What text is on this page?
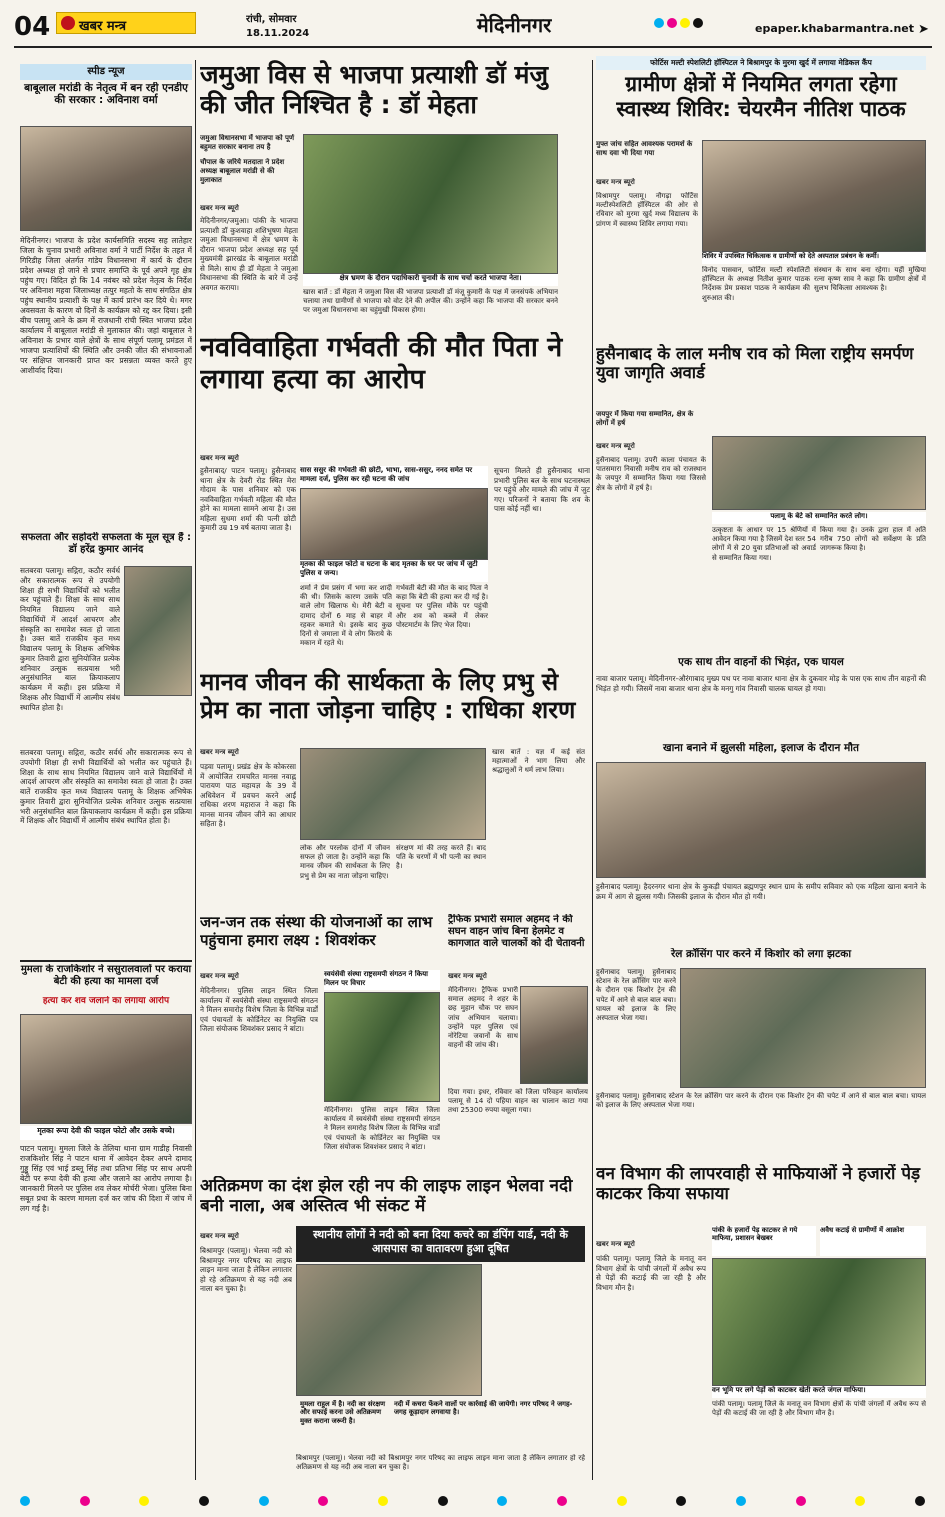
04	खबर मन्त्र	रांची, सोमवार
18.11.2024	मेदिनीनगर	epaper.khabarmantra.net ➤
स्पीड न्यूज
बाबूलाल मरांडी के नेतृत्व में बन रही एनडीए की सरकार : अविनाश वर्मा
मेदिनीनगर। भाजपा के प्रदेश कार्यसमिति सदस्य सह लातेहार जिला के चुनाव प्रभारी अविनाश वर्मा ने पार्टी निर्देश के तहत में गिरिडीह जिला अंतर्गत गांडेय विधानसभा में कार्य के दौरान प्रदेश अध्यक्ष हो जाने से प्रचार समाप्ति के पूर्व अपने गृह क्षेत्र पहुंच गए। विदित हो कि 14 नवंबर को प्रदेश नेतृत्व के निर्देश पर अविनाश महवा जिलाध्यक्ष तत्पुर महतो के साथ संगठित क्षेत्र पहुंच स्थानीय प्रत्याशी के पक्ष में कार्य प्रारंभ कर दिये थे। मगर अवसवता के कारण वो दिनों के कार्यक्रम को रद्द कर दिया। इसी बीच पलामू आने के क्रम में राजधानी रांची स्थित भाजपा प्रदेश कार्यालय में बाबूलाल मरांडी से मुलाकात की। जहां बाबूलाल ने अविनाश के प्रभार वाले क्षेत्रों के साथ संपूर्ण पलामू प्रमंडल में भाजपा प्रत्याशियों की स्थिति और उनकी जीत की संभावनाओं पर संक्षिप्त जानकारी प्राप्त कर प्रसन्नता व्यक्त करते हुए आशीर्वाद दिया।
सफलता और सहोदरी सफलता के मूल सूत्र हैं : डॉ हरेंद्र कुमार आनंद
सतबरवा पलामू। सद्गिरा, कठौर सर्वर्ध और सकारात्मक रूप से उपयोगी शिक्षा ही सभी विद्यार्थियों को भलीत कर पहुंचाते हैं। शिक्षा के साथ साथ नियमित विद्यालय जाने वाले विद्यार्थियों में आदर्श आचरण और संस्कृति का समावेश स्वतः हो जाता है। उक्त बातें राजकीय कृत मध्य विद्यालय पलामू के शिक्षक अभिषेक कुमार तिवारी द्वारा सुनियोजित प्रत्येक शनिवार उत्सुक सत्प्रयास भरी अनुसंधानित बाल क्रियाकलाप कार्यक्रम में कही। इस प्रक्रिया में शिक्षक और विद्यार्थी में आत्मीय संबंध स्थापित होता है।
सतबरवा पलामू। सद्गिरा, कठौर सर्वर्ध और सकारात्मक रूप से उपयोगी शिक्षा ही सभी विद्यार्थियों को भलीत कर पहुंचाते हैं। शिक्षा के साथ साथ नियमित विद्यालय जाने वाले विद्यार्थियों में आदर्श आचरण और संस्कृति का समावेश स्वतः हो जाता है। उक्त बातें राजकीय कृत मध्य विद्यालय पलामू के शिक्षक अभिषेक कुमार तिवारी द्वारा सुनियोजित प्रत्येक शनिवार उत्सुक सत्प्रयास भरी अनुसंधानित बाल क्रियाकलाप कार्यक्रम में कही। इस प्रक्रिया में शिक्षक और विद्यार्थी में आत्मीय संबंध स्थापित होता है।
मुमला के राजकिशोर ने ससुरालवालों पर कराया बेटी की हत्या का मामला दर्ज
हत्या कर शव जलाने का लगाया आरोप
मृतका रूपा देवी की फाइल फोटो और उसके बच्चे।
पाटन पलामू। मुमला जिले के तेलिया थाना ग्राम गाडीह निवासी राजकिशोर सिंह ने पाटन थाना में आवेदन देकर अपने दामाद गुड्डू सिंह एवं भाई डब्लू सिंह तथा प्रतिभा सिंह पर साथ अपनी बेटी पर रूपा देवी की हत्या और जलाने का आरोप लगाया है। जानकारी मिलने पर पुलिस शव लेकर मोर्चरी भेजा। पुलिस बिना सबूत प्रथा के कारण मामला दर्ज कर जांच की दिशा में जांच में लग गई है।
जमुआ विस से भाजपा प्रत्याशी डॉ मंजु की जीत निश्चित है : डॉ मेहता
जमुआ विधानसभा में भाजपा को पूर्ण बहुमत सरकार बनाना तय है
चौपाल के जरिये मतदाता ने प्रदेश अध्यक्ष बाबूलाल मरांडी से की मुलाकात
खबर मन्त्र ब्यूरो
मेदिनीनगर/जमुआ। पांकी के भाजपा प्रत्याशी डॉ कुशवाहा शशिभूषण मेहता जमुआ विधानसभा में क्षेत्र भ्रमण के दौरान भाजपा प्रदेश अध्यक्ष सह पूर्व मुख्यमंत्री झारखंड के बाबूलाल मरांडी से मिले। साथ ही डॉ मेहता ने जमुआ विधानसभा की स्थिति के बारे में उन्हें अवगत कराया।
क्षेत्र भ्रमण के दौरान पदाधिकारी चुनावी के साथ चर्चा करते भाजपा नेता।
खास बातें : डॉ मेहता ने जमुआ विस की भाजपा प्रत्याशी डॉ मंजू कुमारी के पक्ष में जनसंपर्क अभियान चलाया तथा ग्रामीणों से भाजपा को वोट देने की अपील की। उन्होंने कहा कि भाजपा की सरकार बनने पर जमुआ विधानसभा का चहुंमुखी विकास होगा।
नवविवाहिता गर्भवती की मौत पिता ने लगाया हत्या का आरोप
खबर मन्त्र ब्यूरो
हुसैनाबाद/ पाटन पलामू। हुसैनाबाद थाना क्षेत्र के देवरी रोड स्थित मेरा गोदाम के पास शनिवार को एक नवविवाहिता गर्भवती महिला की मौत होने का मामला सामने आया है। उस महिला सुधमा शर्मा की पत्नी छोटी कुमारी उम्र 19 वर्ष बताया जाता है।
सास ससुर की गर्भवती की छोटी, भाभा, सास-ससुर, ननद समेत पर मामला दर्ज, पुलिस कर रही घटना की जांच
मृतका की फाइल फोटो व घटना के बाद मृतका के घर पर जांच में जुटी पुलिस व जन्य।
शर्मा ने प्रेम प्रसंग में भगा कर शादी की थी। जिसके कारण उसके पति वाले लोग खिलाफ थे। मेरी बेटी व दामाद दोनों 6 माह से बाहर में रहकर कमाते थे। इसके बाद कुछ दिनों से जमाला में वे लोग किराये के मकान में रहते थे।
गर्भवती बेटी की मौत के बाद पिता ने कहा कि बेटी की हत्या कर दी गई है। सूचना पर पुलिस मौके पर पहुंची और शव को कब्जे में लेकर पोस्टमार्टम के लिए भेज दिया।
सूचना मिलते ही हुसैनाबाद थाना प्रभारी पुलिस बल के साथ घटनास्थल पर पहुंचे और मामले की जांच में जुट गए। परिजनों ने बताया कि शव के पास कोई नहीं था।
मानव जीवन की सार्थकता के लिए प्रभु से प्रेम का नाता जोड़ना चाहिए : राधिका शरण
खबर मन्त्र ब्यूरो
पड़वा पलामू। प्रखंड क्षेत्र के कोकरसा में आयोजित रामचरित मानस नवाह्न पारायण पाठ महायज्ञ के 39 वें अधिवेशन में प्रवचन करने आईं राधिका शरण महाराज ने कहा कि मानस मानव जीवन जीने का आधार सहिता है।
लोक और परलोक दोनों में जीवन सफल हो जाता है। उन्होंने कहा कि मानव जीवन की सार्थकता के लिए प्रभु से प्रेम का नाता जोड़ना चाहिए।
संरक्षण मां की तरह करते हैं। बाद पति के चरणों में भी पत्नी का स्थान है।
खास बातें : यज्ञ में कई संत महात्माओं ने भाग लिया और श्रद्धालुओं ने धर्म लाभ लिया।
जन-जन तक संस्था की योजनाओं का लाभ पहुंचाना हमारा लक्ष्य : शिवशंकर
खबर मन्त्र ब्यूरो
मेदिनीनगर। पुलिस लाइन स्थित जिला कार्यालय में स्वयंसेवी संस्था राष्ट्रसमपी संगठन ने मिलन समारोह विशेष जिला के विभिन्न वार्डों एवं पंचायतों के कोर्डिनेटर का नियुक्ति पत्र जिला संयोजक शिवशंकर प्रसाद ने बांटा।
स्वयंसेवी संस्था राष्ट्रसमपी संगठन ने किया मिलन पर विचार
मेदिनीनगर। पुलिस लाइन स्थित जिला कार्यालय में स्वयंसेवी संस्था राष्ट्रसमपी संगठन ने मिलन समारोह विशेष जिला के विभिन्न वार्डों एवं पंचायतों के कोर्डिनेटर का नियुक्ति पत्र जिला संयोजक शिवशंकर प्रसाद ने बांटा।
ट्रैफिक प्रभारी समाल अहमद ने की सघन वाहन जांच बिना हेलमेट व कागजात वाले चालकों को दी चेतावनी
खबर मन्त्र ब्यूरो
मेदिनीनगर। ट्रैफिक प्रभारी समाल अहमद ने शहर के छह मुहान चौक पर सघन जांच अभियान चलाया। उन्होंने पहर पुलिस एवं नोरेटिया जवानों के साथ वाहनों की जांच की।
दिया गया। इधर, रविवार को जिला परिवहन कार्यालय पलामू से 14 दो पहिया वाहन का चालान काटा गया तथा 25300 रुपया वसूला गया।
अतिक्रमण का दंश झेल रही नप की लाइफ लाइन भेलवा नदी बनी नाला, अब अस्तित्व भी संकट में
स्थानीय लोगों ने नदी को बना दिया कचरे का डंपिंग यार्ड, नदी के आसपास का वातावरण हुआ दूषित
खबर मन्त्र ब्यूरो
बिश्रामपुर (पलामू)। भेलवा नदी को बिश्रामपुर नगर परिषद का लाइफ लाइन माना जाता है लेकिन लगातार हो रहे अतिक्रमण से यह नदी अब नाला बन चुका है।
मुमला राहुल में है। नदी का संरक्षण और सफाई करना उसे अतिक्रमण मुक्त कराना जरूरी है।
नदी में कचरा फेंकने वालों पर कार्रवाई की जायेगी। नगर परिषद ने जगह-जगह कूड़ादान लगवाया है।
बिश्रामपुर (पलामू)। भेलवा नदी को बिश्रामपुर नगर परिषद का लाइफ लाइन माना जाता है लेकिन लगातार हो रहे अतिक्रमण से यह नदी अब नाला बन चुका है।
फोर्टिस मल्टी स्पेशलिटी हॉस्पिटल ने बिश्रामपुर के मुरमा खुर्द में लगाया मेडिकल कैंप
ग्रामीण क्षेत्रों में नियमित लगता रहेगा स्वास्थ्य शिविर: चेयरमैन नीतिश पाठक
मुफ्त जांच सहित आवश्यक परामर्श के साथ दवा भी दिया गया
खबर मन्त्र ब्यूरो
शिविर में उपस्थित चिकित्सक व ग्रामीणों को देते अस्पताल प्रबंधन के कर्मी।
विश्रामपुर पलामू। नौगढ़ा फोर्टिस मल्टीस्पेशलिटी हॉस्पिटल की ओर से रविवार को मुरमा खुर्द मध्य विद्यालय के प्रांगण में स्वास्थ्य शिविर लगाया गया।
विनोद पासवान, फोर्टिस मल्टी स्पेशलिटी हॉस्पिटल के अध्यक्ष नितीश कुमार पाठक निर्देशक प्रेम प्रकाश पाठक ने कार्यक्रम की शुरुआत की।
संस्थान के साथ बना रहेगा। यहीं मुखिया रत्ना कृष्ण साव ने कहा कि ग्रामीण क्षेत्रों में सुलभ चिकित्सा आवश्यक है।
हुसैनाबाद के लाल मनीष राव को मिला राष्ट्रीय समर्पण युवा जागृति अवार्ड
जयपुर में किया गया सम्मानित, क्षेत्र के लोगों में हर्ष
खबर मन्त्र ब्यूरो
हुसैनाबाद पलामू। उपरी काला पंचायत के पातसमारा निवासी मनीष राव को राजस्थान के जयपुर में सम्मानित किया गया जिससे क्षेत्र के लोगों में हर्ष है।
पलामू के बेटे को सम्मानित करते लोग।
उत्कृष्टता के आधार पर 15 श्रेणियों में आवेदन किया गया है जिसमें देश स्तर 54 लोगों में से 20 युवा प्रतिभाओं को अवार्ड से सम्मानित किया गया।
किया गया है। उनके द्वारा हाल में अति गरीब 750 लोगों को सर्वेक्षण के प्रति जागरूक किया है।
एक साथ तीन वाहनों की भिड़ंत, एक घायल
नावा बाजार पलामू। मेदिनीनगर-औरंगाबाद मुख्य पथ पर नावा बाजार थाना क्षेत्र के दुकवार मोड़ के पास एक साथ तीन वाहनों की भिड़ंत हो गयी। जिसमें नावा बाजार थाना क्षेत्र के मनगु गांव निवासी चालक घायल हो गया।
खाना बनाने में झुलसी महिला, इलाज के दौरान मौत
हुसैनाबाद पलामू। हैदरनगर थाना क्षेत्र के कुकड़ी पंचायत ब्रह्मणपुर स्थान ग्राम के समीप सविवार को एक महिला खाना बनाने के क्रम में आग से झुलस गयी। जिसकी इलाज के दौरान मौत हो गयी।
रेल क्रॉसिंग पार करने में किशोर को लगा झटका
हुसैनाबाद पलामू। हुसैनाबाद स्टेशन के रेल क्रॉसिंग पार करने के दौरान एक किशोर ट्रेन की चपेट में आने से बाल बाल बचा। घायल को इलाज के लिए अस्पताल भेजा गया।
हुसैनाबाद पलामू। हुसैनाबाद स्टेशन के रेल क्रॉसिंग पार करने के दौरान एक किशोर ट्रेन की चपेट में आने से बाल बाल बचा। घायल को इलाज के लिए अस्पताल भेजा गया।
वन विभाग की लापरवाही से माफियाओं ने हजारों पेड़ काटकर किया सफाया
खबर मन्त्र ब्यूरो
पांकी पलामू। पलामू जिले के मनातू वन विभाग क्षेत्रों के पांची जंगलों में अवैध रूप से पेड़ों की कटाई की जा रही है और विभाग मौन है।
पांकी के हजारों पेड़ काटकर ले गये माफिया, प्रशासन बेखबर
अवैध कटाई से ग्रामीणों में आक्रोश
वन भूमि पर लगे पेड़ों को काटकर खेती करते जंगल माफिया।
पांकी पलामू। पलामू जिले के मनातू वन विभाग क्षेत्रों के पांची जंगलों में अवैध रूप से पेड़ों की कटाई की जा रही है और विभाग मौन है।
